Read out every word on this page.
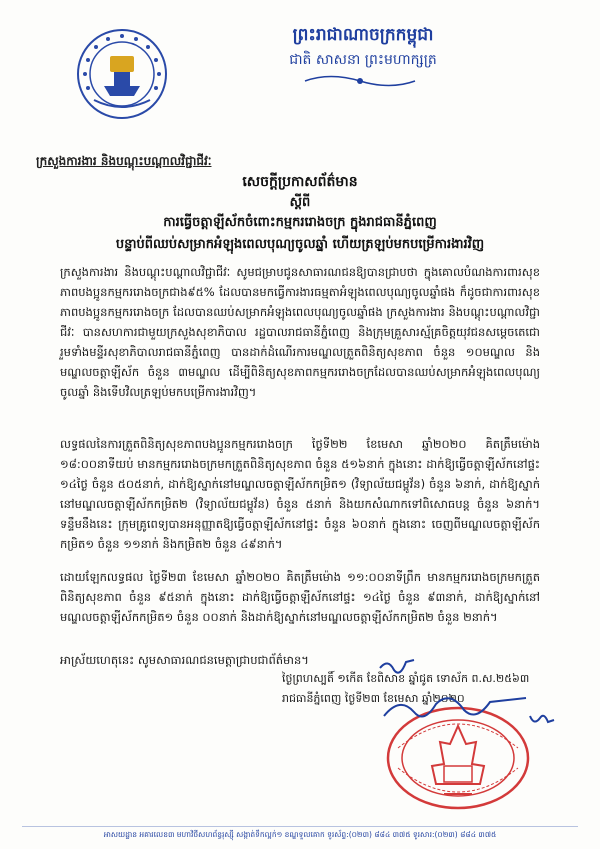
ព្រះរាជាណាចក្រកម្ពុជា
ជាតិ សាសនា ព្រះមហាក្សត្រ
ក្រសួងការងារ និងបណ្តុះបណ្តាលវិជ្ជាជីវៈ
សេចក្តីប្រកាសព័ត៌មាន
ស្តីពី
ការធ្វើចត្តាឡីស័កចំពោះកម្មកររោងចក្រ ក្នុងរាជធានីភ្នំពេញ
បន្ទាប់ពីឈប់សម្រាកអំឡុងពេលបុណ្យចូលឆ្នាំ ហើយត្រឡប់មកបម្រើការងារវិញ
ក្រសួងការងារ និងបណ្តុះបណ្តាលវិជ្ជាជីវៈ សូមជម្រាបជូនសាធារណជនឱ្យបានជ្រាបថា ក្នុងគោលបំណងការពារសុខភាពបងប្អូនកម្មកររោងចក្រជាង៩៥% ដែលបានមកធ្វើការងារធម្មតាអំឡុងពេលបុណ្យចូលឆ្នាំផង ក៏ដូចជាការពារសុខភាពបងប្អូនកម្មកររោងចក្រ ដែលបានឈប់សម្រាកអំឡុងពេលបុណ្យចូលឆ្នាំផង ក្រសួងការងារ និងបណ្តុះបណ្តាលវិជ្ជាជីវៈ បានសហការជាមួយក្រសួងសុខាភិបាល រដ្ឋបាលរាជធានីភ្នំពេញ និងក្រុមគ្រួសារស្ម័គ្រចិត្តយុវជនសម្តេចតេជោ រួមទាំងមន្ទីរសុខាភិបាលរាជធានីភ្នំពេញ បានដាក់ដំណើរការមណ្ឌលត្រួតពិនិត្យសុខភាព ចំនួន ១០មណ្ឌល និងមណ្ឌលចត្តាឡីស័ក ចំនួន ៣មណ្ឌល ដើម្បីពិនិត្យសុខភាពកម្មកររោងចក្រដែលបានឈប់សម្រាកអំឡុងពេលបុណ្យចូលឆ្នាំ និងទើបវិលត្រឡប់មកបម្រើការងារវិញ។
លទ្ធផលនៃការត្រួតពិនិត្យសុខភាពបងប្អូនកម្មកររោងចក្រ ថ្ងៃទី២២ ខែមេសា ឆ្នាំ២០២០ គិតត្រឹមម៉ោង ១៨:០០នាទីយប់ មានកម្មកររោងចក្រមកត្រួតពិនិត្យសុខភាព ចំនួន ៥១៦នាក់ ក្នុងនោះ ដាក់ឱ្យធ្វើចត្តាឡីស័កនៅផ្ទះ ១៤ថ្ងៃ ចំនួន ៥០៥នាក់, ដាក់ឱ្យស្នាក់នៅមណ្ឌលចត្តាឡីស័កកម្រិត១ (វិទ្យាល័យជម្ពូវ័ន) ចំនួន ៦នាក់, ដាក់ឱ្យស្នាក់នៅមណ្ឌលចត្តាឡីស័កកម្រិត២ (វិទ្យាល័យជម្ពូវ័ន) ចំនួន ៥នាក់ និងយកសំណាកទៅពិសោធបន្ត ចំនួន ៦នាក់។ ទន្ទឹមនឹងនេះ ក្រុមគ្រូពេទ្យបានអនុញ្ញាតឱ្យធ្វើចត្តាឡីស័កនៅផ្ទះ ចំនួន ៦០នាក់ ក្នុងនោះ ចេញពីមណ្ឌលចត្តាឡីស័កកម្រិត១ ចំនួន ១១នាក់ និងកម្រិត២ ចំនួន ៤៩នាក់។
ដោយឡែកលទ្ធផល ថ្ងៃទី២៣ ខែមេសា ឆ្នាំ២០២០ គិតត្រឹមម៉ោង ១១:០០នាទីព្រឹក មានកម្មកររោងចក្រមកត្រួតពិនិត្យសុខភាព ចំនួន ៩៥នាក់ ក្នុងនោះ ដាក់ឱ្យធ្វើចត្តាឡីស័កនៅផ្ទះ ១៤ថ្ងៃ ចំនួន ៩៣នាក់, ដាក់ឱ្យស្នាក់នៅមណ្ឌលចត្តាឡីស័កកម្រិត១ ចំនួន ០០នាក់ និងដាក់ឱ្យស្នាក់នៅមណ្ឌលចត្តាឡីស័កកម្រិត២ ចំនួន ២នាក់។
អាស្រ័យហេតុនេះ សូមសាធារណជនមេត្តាជ្រាបជាព័ត៌មាន។
ថ្ងៃព្រហស្បតិ៍ ១កើត ខែពិសាខ ឆ្នាំជូត ទោស័ក ព.ស.២៥៦៣
រាជធានីភ្នំពេញ ថ្ងៃទី២៣ ខែមេសា ឆ្នាំ២០២០
អាសយដ្ឋាន អគារលេខ៣ មហាវិថីសហព័ន្ធរុស្ស៊ី សង្កាត់ទឹកល្អក់១ ខណ្ឌទួលគោក ទូរស័ព្ទ:(០២៣) ៨៨៤ ៣៧៥ ទូរសារ:(០២៣) ៨៨៤ ៣៧៥
